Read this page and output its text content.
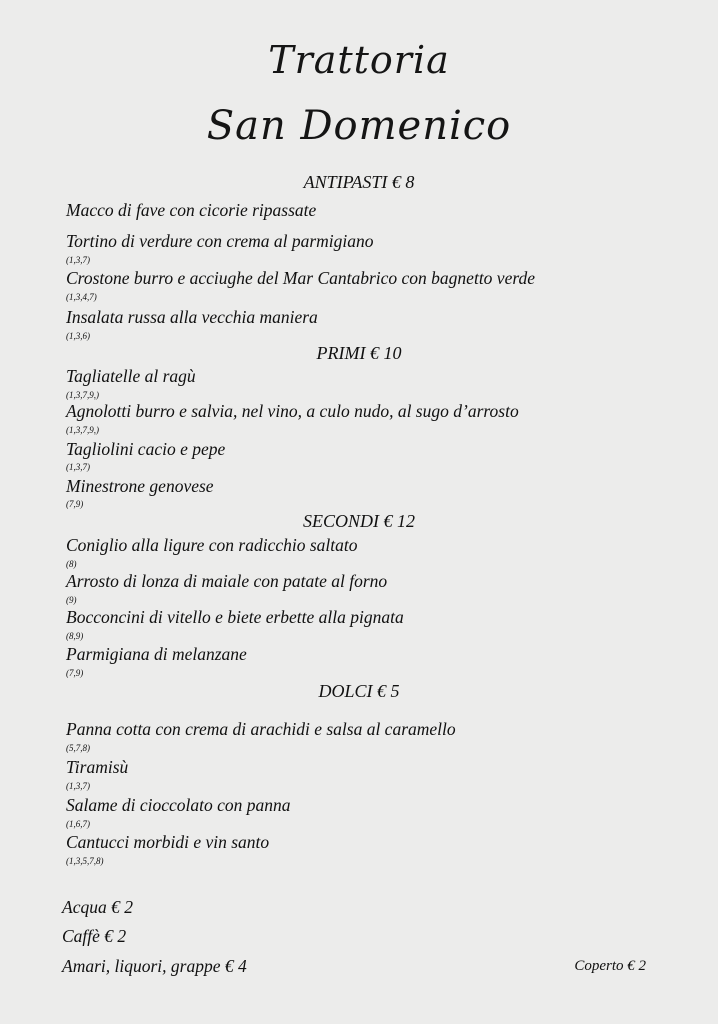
Trattoria
San Domenico
ANTIPASTI € 8
Macco di fave con cicorie ripassate
Tortino di verdure con crema al parmigiano
(1,3,7)
Crostone burro e acciughe del Mar Cantabrico con bagnetto verde
(1,3,4,7)
Insalata russa alla vecchia maniera
(1,3,6)
PRIMI € 10
Tagliatelle al ragù
(1,3,7,9,)
Agnolotti burro e salvia, nel vino, a culo nudo, al sugo d’arrosto
(1,3,7,9,)
Tagliolini cacio e pepe
(1,3,7)
Minestrone genovese
(7,9)
SECONDI € 12
Coniglio alla ligure con radicchio saltato
(8)
Arrosto di lonza di maiale con patate al forno
(9)
Bocconcini di vitello e biete erbette alla pignata
(8,9)
Parmigiana di melanzane
(7,9)
DOLCI € 5
Panna cotta con crema di arachidi e salsa al caramello
(5,7,8)
Tiramisù
(1,3,7)
Salame di cioccolato con panna
(1,6,7)
Cantucci morbidi e vin santo
(1,3,5,7,8)
Acqua € 2
Caffè € 2
Amari, liquori, grappe € 4	Coperto € 2
